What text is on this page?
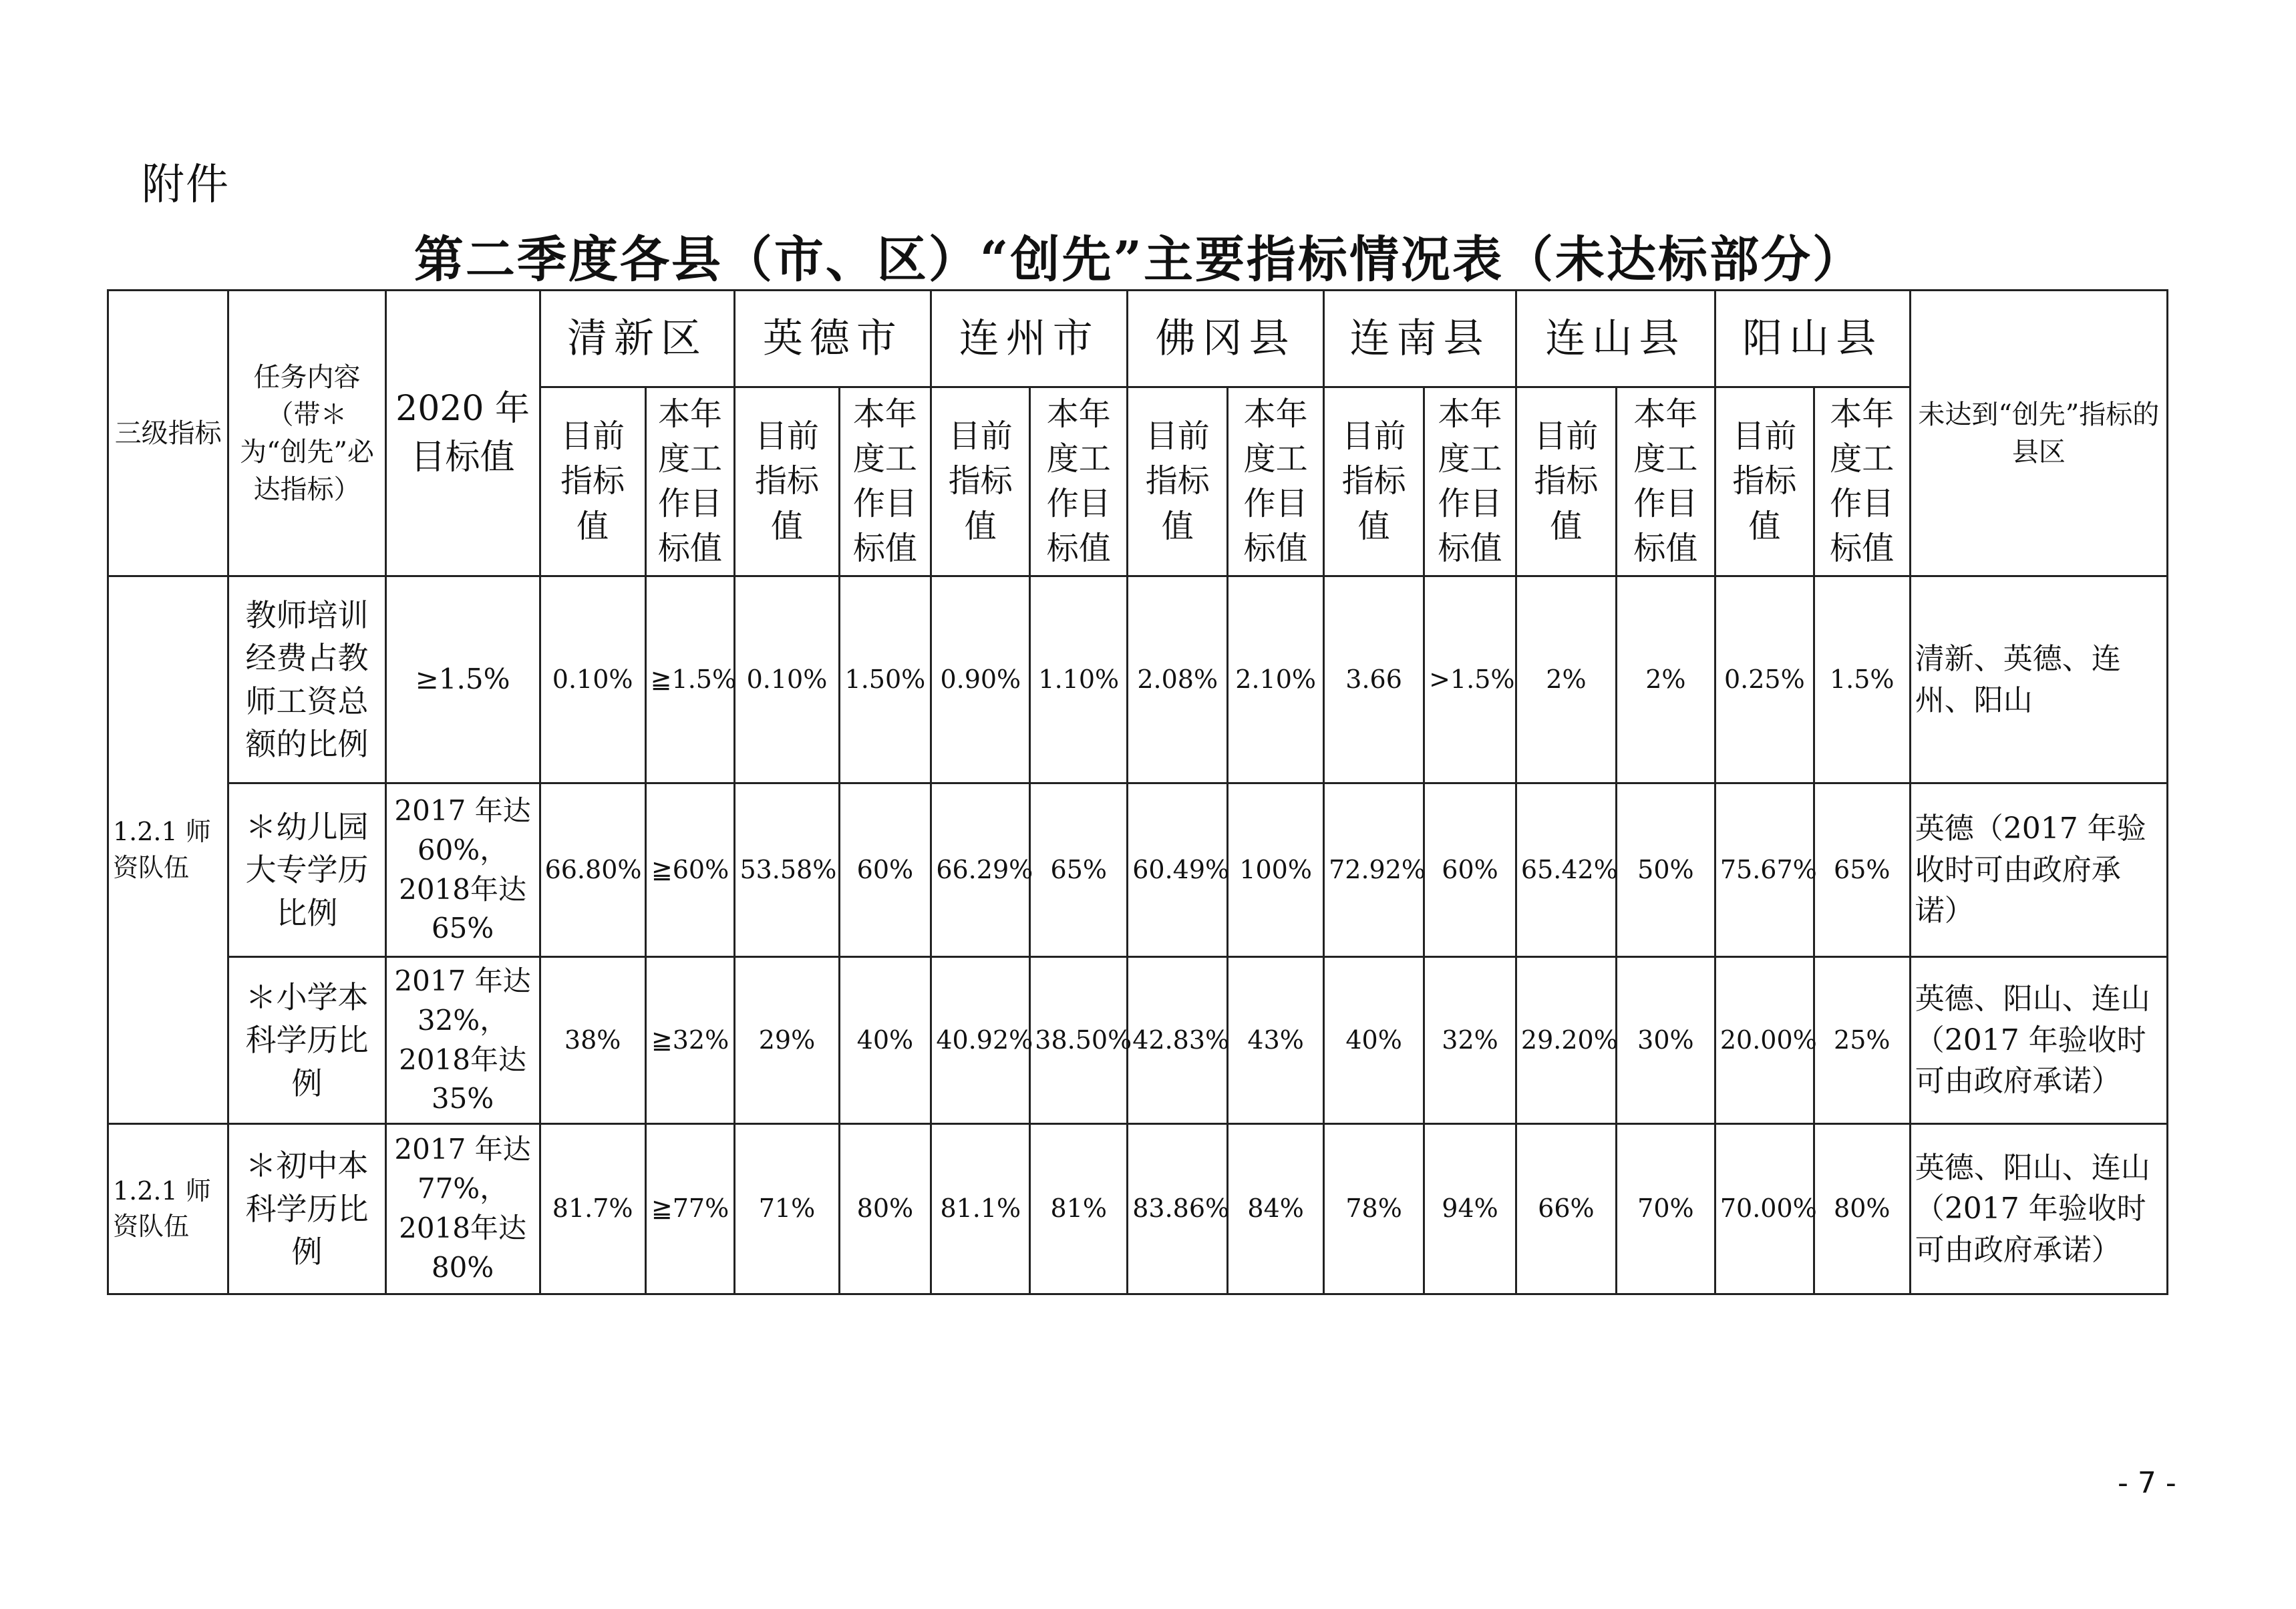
附件
第二季度各县（市、区）“创先”主要指标情况表（未达标部分）
三级指标	任务内容（带＊为“创先”必达指标）	2020 年目标值	清新区		英德市		连州市		佛冈县		连南县		连山县		阳山县		未达到“创先”指标的县区
			目前指标值	本年度工作目标值	目前指标值	本年度工作目标值	目前指标值	本年度工作目标值	目前指标值	本年度工作目标值	目前指标值	本年度工作目标值	目前指标值	本年度工作目标值	目前指标值	本年度工作目标值	
1.2.1 师资队伍	教师培训经费占教师工资总额的比例	≥1.5%	0.10%	≧1.5%	0.10%	1.50%	0.90%	1.10%	2.08%	2.10%	3.66	>1.5%	2%	2%	0.25%	1.5%	清新、英德、连州、阳山
	＊幼儿园大专学历比例	2017 年达60%，2018年达 65%	66.80%	≧60%	53.58%	60%	66.29%	65%	60.49%	100%	72.92%	60%	65.42%	50%	75.67%	65%	英德（2017 年验收时可由政府承诺）
	＊小学本科学历比例	2017 年达32%，2018年达 35%	38%	≧32%	29%	40%	40.92%	38.50%	42.83%	43%	40%	32%	29.20%	30%	20.00%	25%	英德、阳山、连山（2017 年验收时可由政府承诺）
1.2.1 师资队伍	＊初中本科学历比例	2017 年达77%，2018年达 80%	81.7%	≧77%	71%	80%	81.1%	81%	83.86%	84%	78%	94%	66%	70%	70.00%	80%	英德、阳山、连山（2017 年验收时可由政府承诺）
- 7 -
